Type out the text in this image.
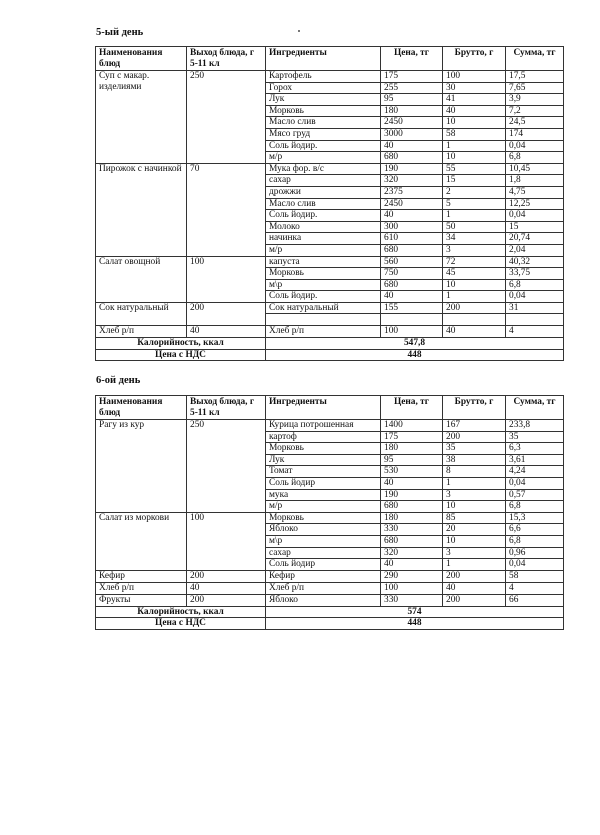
5-ый день
Наименования блюд	Выход блюда, г 5-11 кл	Ингредиенты	Цена, тг	Брутто, г	Сумма, тг
Суп с макар. изделиями	250	Картофель	175	100	17,5
		Горох	255	30	7,65
		Лук	95	41	3,9
		Морковь	180	40	7,2
		Масло слив	2450	10	24,5
		Мясо груд	3000	58	174
		Соль йодир.	40	1	0,04
		м/р	680	10	6,8
Пирожок с начинкой	70	Мука фор. в/с	190	55	10,45
		сахар	320	15	1,8
		дрожжи	2375	2	4,75
		Масло слив	2450	5	12,25
		Соль йодир.	40	1	0,04
		Молоко	300	50	15
		начинка	610	34	20,74
		м/р	680	3	2,04
Салат овощной	100	капуста	560	72	40,32
		Морковь	750	45	33,75
		м\р	680	10	6,8
		Соль йодир.	40	1	0,04
Сок натуральный	200	Сок натуральный	155	200	31

Хлеб р/п	40	Хлеб р/п	100	40	4
Калорийность, ккал		547,8			
Цена с НДС		448			
6-ой день
Наименования блюд	Выход блюда, г 5-11 кл	Ингредиенты	Цена, тг	Брутто, г	Сумма, тг
Рагу из кур	250	Курица потрошенная	1400	167	233,8
		картоф	175	200	35
		Морковь	180	35	6,3
		Лук	95	38	3,61
		Томат	530	8	4,24
		Соль йодир	40	1	0,04
		мука	190	3	0,57
		м/р	680	10	6,8
Салат из моркови	100	Морковь	180	85	15,3
		Яблоко	330	20	6,6
		м\р	680	10	6,8
		сахар	320	3	0,96
		Соль йодир	40	1	0,04
Кефир	200	Кефир	290	200	58
Хлеб р/п	40	Хлеб р/п	100	40	4
Фрукты	200	Яблоко	330	200	66
Калорийность, ккал		574			
Цена с НДС		448			
